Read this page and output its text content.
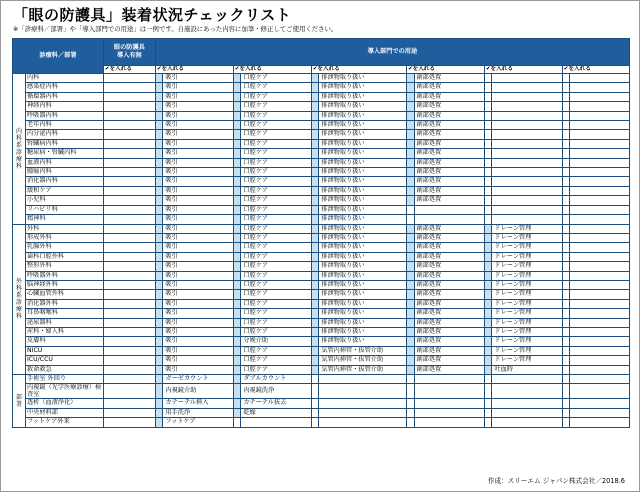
「眼の防護具」装着状況チェックリスト
※「診療科／部署」や「導入部門での用途」は一例です。自施設にあった内容に加筆・修正してご使用ください。
診療科／部署		眼の防護具
導入有無	導入部門での用途											
		✔を入れる	✔を入れる		✔を入れる		✔を入れる		✔を入れる		✔を入れる		✔を入れる	
内科系診療科	内科			吸引		口腔ケア		排泄物取り扱い		創部処置				
	感染症内科			吸引		口腔ケア		排泄物取り扱い		創部処置				
	循環器内科			吸引		口腔ケア		排泄物取り扱い		創部処置				
	神経内科			吸引		口腔ケア		排泄物取り扱い		創部処置				
	呼吸器内科			吸引		口腔ケア		排泄物取り扱い		創部処置				
	老年内科			吸引		口腔ケア		排泄物取り扱い		創部処置				
	内分泌内科			吸引		口腔ケア		排泄物取り扱い		創部処置				
	腎臓病内科			吸引		口腔ケア		排泄物取り扱い		創部処置				
	糖尿病・腎臓内科			吸引		口腔ケア		排泄物取り扱い		創部処置				
	血液内科			吸引		口腔ケア		排泄物取り扱い		創部処置				
	腫瘍内科			吸引		口腔ケア		排泄物取り扱い		創部処置				
	消化器内科			吸引		口腔ケア		排泄物取り扱い		創部処置				
	緩和ケア			吸引		口腔ケア		排泄物取り扱い		創部処置				
	小児科			吸引		口腔ケア		排泄物取り扱い		創部処置				
	リハビリ科			吸引		口腔ケア		排泄物取り扱い						
	精神科			吸引		口腔ケア		排泄物取り扱い						
外科系診療科	外科			吸引		口腔ケア		排泄物取り扱い		創部処置		ドレーン管理		
	形成外科			吸引		口腔ケア		排泄物取り扱い		創部処置		ドレーン管理		
	乳腺外科			吸引		口腔ケア		排泄物取り扱い		創部処置		ドレーン管理		
	歯科口腔外科			吸引		口腔ケア		排泄物取り扱い		創部処置		ドレーン管理		
	整形外科			吸引		口腔ケア		排泄物取り扱い		創部処置		ドレーン管理		
	呼吸器外科			吸引		口腔ケア		排泄物取り扱い		創部処置		ドレーン管理		
	脳神経外科			吸引		口腔ケア		排泄物取り扱い		創部処置		ドレーン管理		
	心臓血管外科			吸引		口腔ケア		排泄物取り扱い		創部処置		ドレーン管理		
	消化器外科			吸引		口腔ケア		排泄物取り扱い		創部処置		ドレーン管理		
	耳鼻咽喉科			吸引		口腔ケア		排泄物取り扱い		創部処置		ドレーン管理		
	泌尿器科			吸引		口腔ケア		排泄物取り扱い		創部処置		ドレーン管理		
	産科・婦人科			吸引		口腔ケア		排泄物取り扱い		創部処置		ドレーン管理		
	皮膚科			吸引		分娩介助		排泄物取り扱い		創部処置		ドレーン管理		
	NICU			吸引		口腔ケア		気管内挿管・抜管介助		創部処置		ドレーン管理		
	ICU/CCU			吸引		口腔ケア		気管内挿管・抜管介助		創部処置		ドレーン管理		
	救命救急			吸引		口腔ケア		気管内挿管・抜管介助		創部処置		吐血時		
部署	手術室 外回り			ガーゼカウント		ダブルカウント								
	内視鏡（光学医療診療）検査室			内視鏡介助		内視鏡洗浄								
	透析（血液浄化）			カテーテル挿入		カテーテル抜去								
	中央材料部			用手洗浄		乾燥								
	フットケア外来			フットケア										
作成：スリーエム ジャパン株式会社／2018.6
